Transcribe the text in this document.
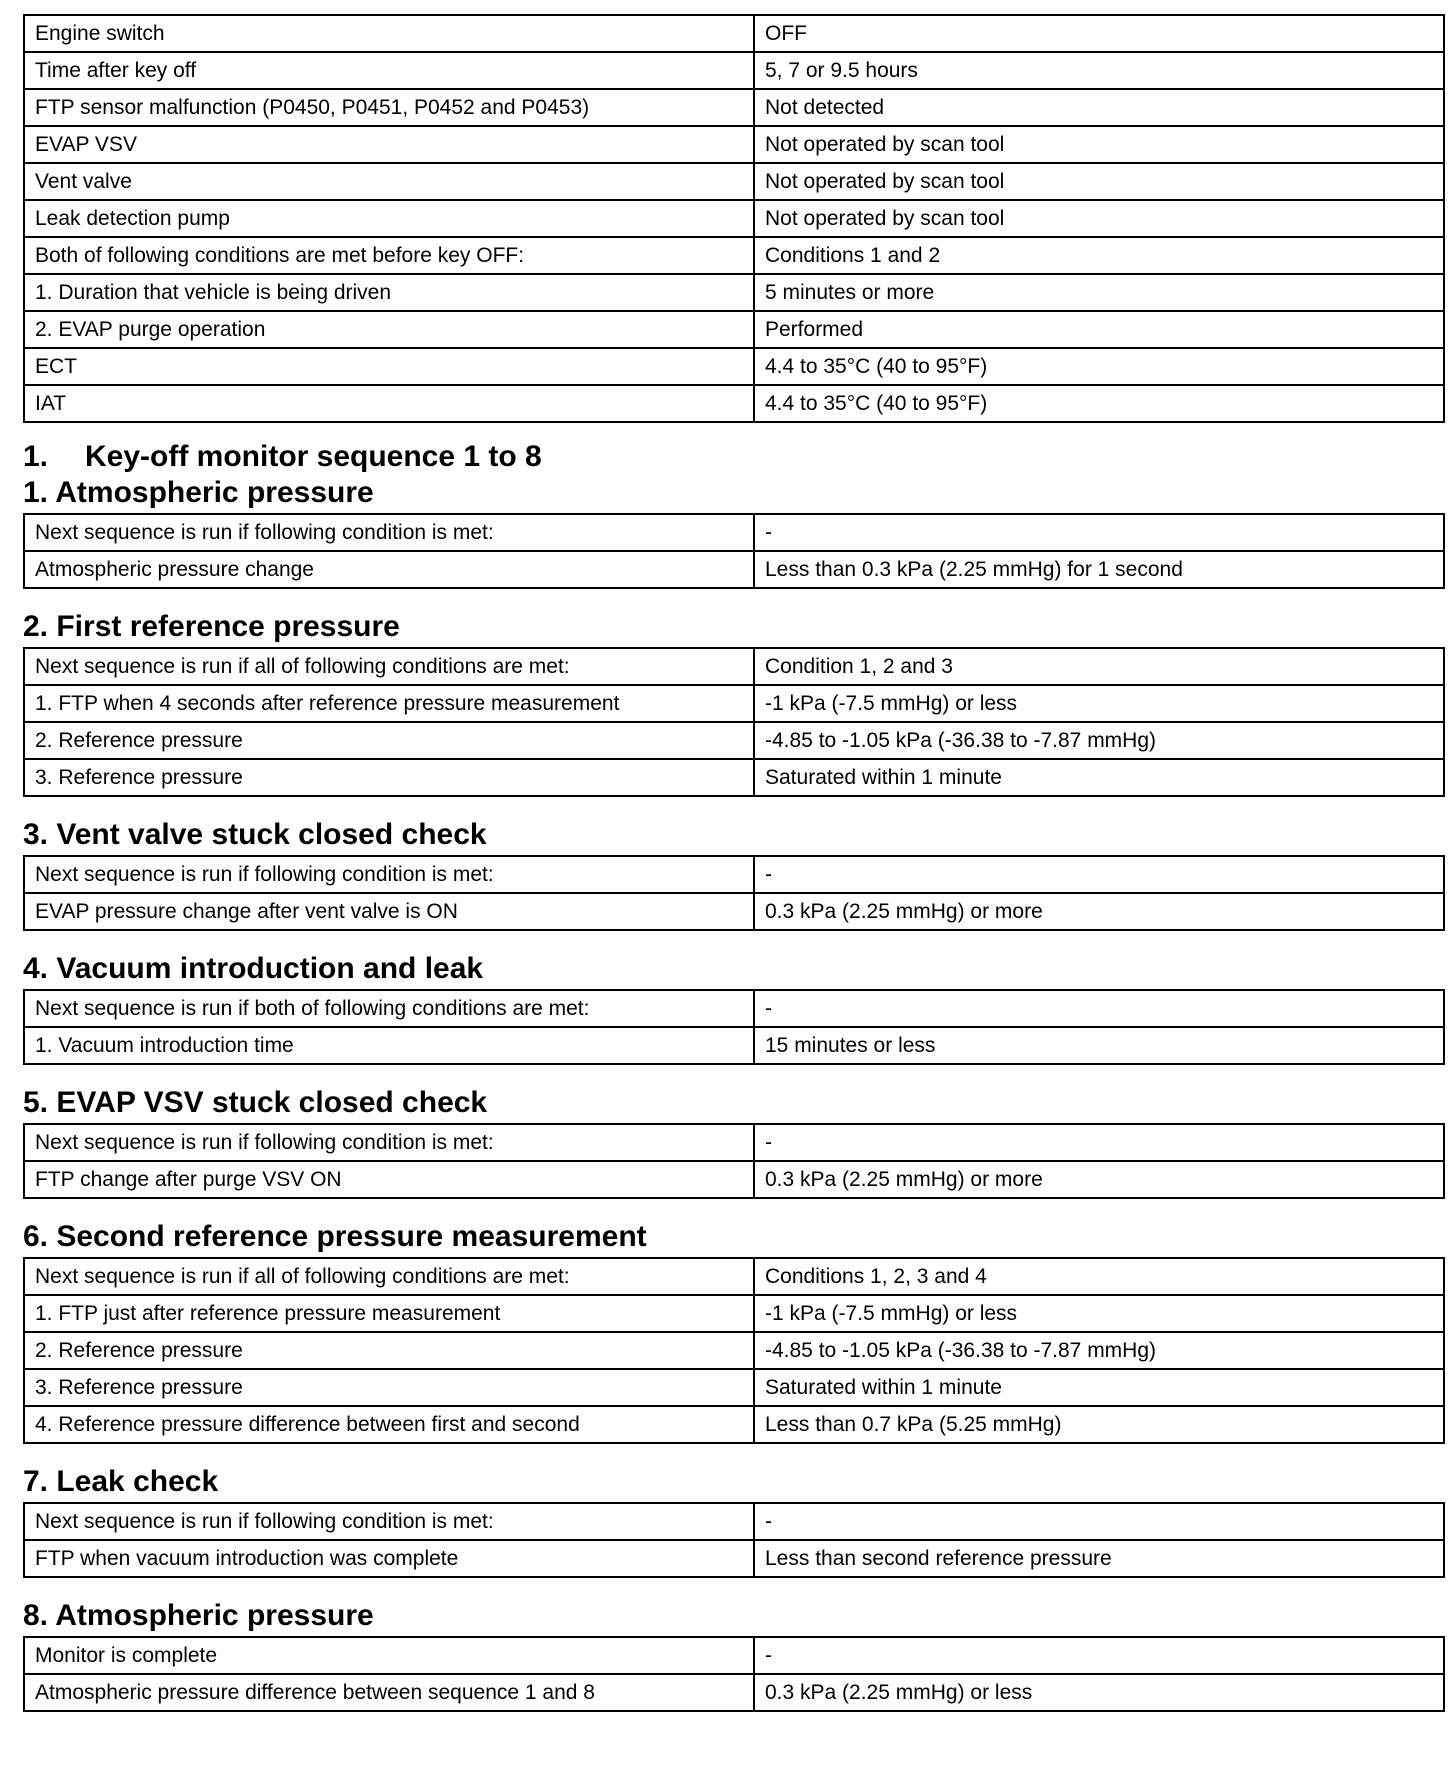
Engine switch	OFF
Time after key off	5, 7 or 9.5 hours
FTP sensor malfunction (P0450, P0451, P0452 and P0453)	Not detected
EVAP VSV	Not operated by scan tool
Vent valve	Not operated by scan tool
Leak detection pump	Not operated by scan tool
Both of following conditions are met before key OFF:	Conditions 1 and 2
1. Duration that vehicle is being driven	5 minutes or more
2. EVAP purge operation	Performed
ECT	4.4 to 35°C (40 to 95°F)
IAT	4.4 to 35°C (40 to 95°F)
1. Key-off monitor sequence 1 to 8
1. Atmospheric pressure
Next sequence is run if following condition is met:	-
Atmospheric pressure change	Less than 0.3 kPa (2.25 mmHg) for 1 second
2. First reference pressure
Next sequence is run if all of following conditions are met:	Condition 1, 2 and 3
1. FTP when 4 seconds after reference pressure measurement	-1 kPa (-7.5 mmHg) or less
2. Reference pressure	-4.85 to -1.05 kPa (-36.38 to -7.87 mmHg)
3. Reference pressure	Saturated within 1 minute
3. Vent valve stuck closed check
Next sequence is run if following condition is met:	-
EVAP pressure change after vent valve is ON	0.3 kPa (2.25 mmHg) or more
4. Vacuum introduction and leak
Next sequence is run if both of following conditions are met:	-
1. Vacuum introduction time	15 minutes or less
5. EVAP VSV stuck closed check
Next sequence is run if following condition is met:	-
FTP change after purge VSV ON	0.3 kPa (2.25 mmHg) or more
6. Second reference pressure measurement
Next sequence is run if all of following conditions are met:	Conditions 1, 2, 3 and 4
1. FTP just after reference pressure measurement	-1 kPa (-7.5 mmHg) or less
2. Reference pressure	-4.85 to -1.05 kPa (-36.38 to -7.87 mmHg)
3. Reference pressure	Saturated within 1 minute
4. Reference pressure difference between first and second	Less than 0.7 kPa (5.25 mmHg)
7. Leak check
Next sequence is run if following condition is met:	-
FTP when vacuum introduction was complete	Less than second reference pressure
8. Atmospheric pressure
Monitor is complete	-
Atmospheric pressure difference between sequence 1 and 8	0.3 kPa (2.25 mmHg) or less
